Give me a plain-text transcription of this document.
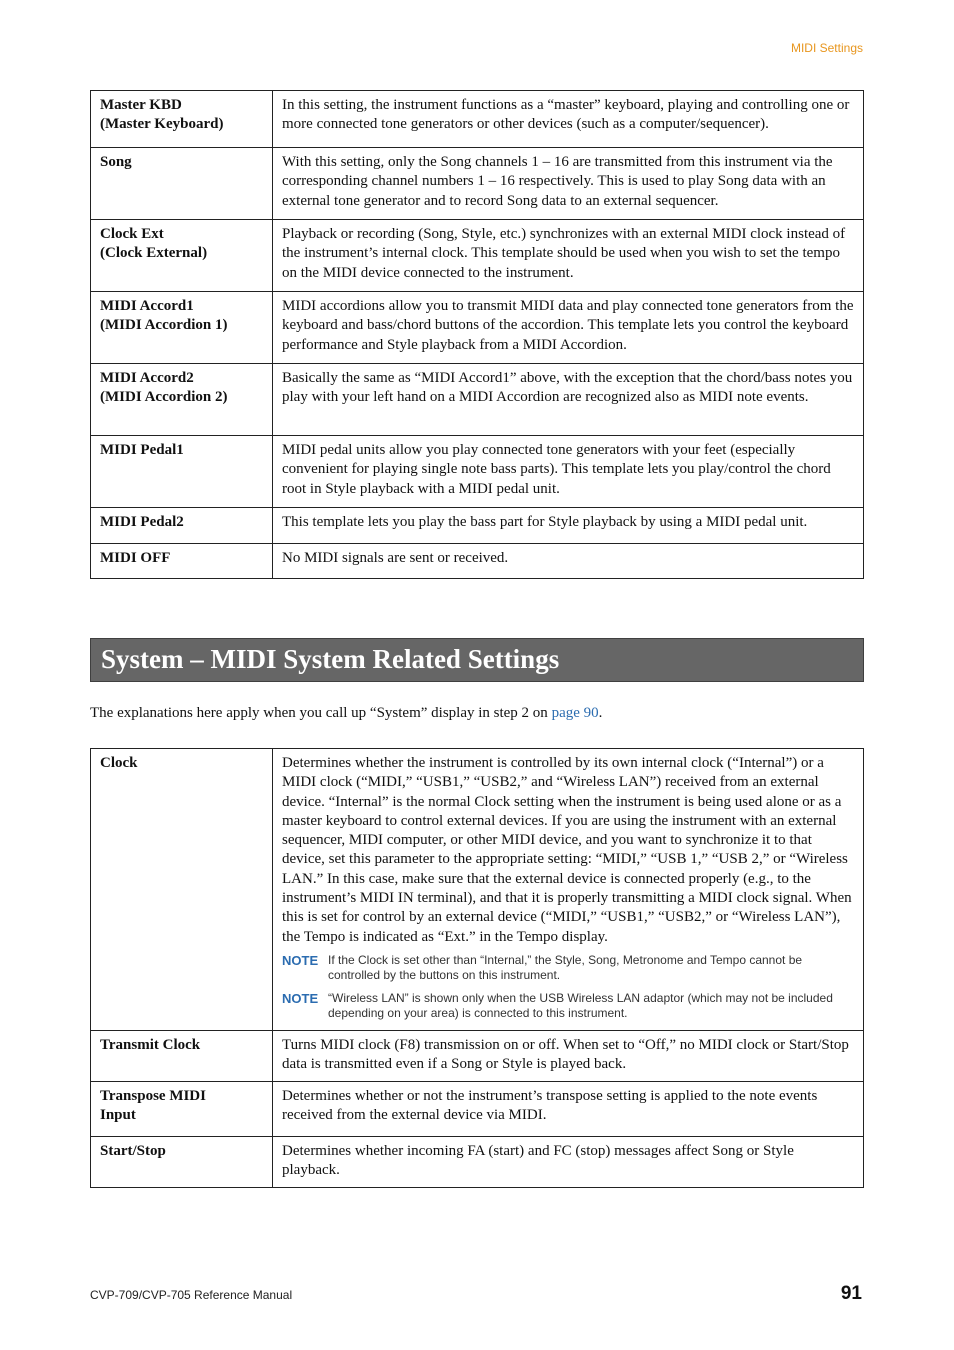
MIDI Settings
Master KBD
(Master Keyboard)	In this setting, the instrument functions as a “master” keyboard, playing and controlling one or more connected tone generators or other devices (such as a computer/sequencer).

Song	With this setting, only the Song channels 1 – 16 are transmitted from this instrument via the corresponding channel numbers 1 – 16 respectively. This is used to play Song data with an external tone generator and to record Song data to an external sequencer.

Clock Ext
(Clock External)	Playback or recording (Song, Style, etc.) synchronizes with an external MIDI clock instead of the instrument’s internal clock. This template should be used when you wish to set the tempo on the MIDI device connected to the instrument.

MIDI Accord1
(MIDI Accordion 1)	MIDI accordions allow you to transmit MIDI data and play connected tone generators from the keyboard and bass/chord buttons of the accordion. This template lets you control the keyboard performance and Style playback from a MIDI Accordion.

MIDI Accord2
(MIDI Accordion 2)	Basically the same as “MIDI Accord1” above, with the exception that the chord/bass notes you play with your left hand on a MIDI Accordion are recognized also as MIDI note events.

MIDI Pedal1	MIDI pedal units allow you play connected tone generators with your feet (especially convenient for playing single note bass parts). This template lets you play/control the chord root in Style playback with a MIDI pedal unit.

MIDI Pedal2	This template lets you play the bass part for Style playback by using a MIDI pedal unit.

MIDI OFF	No MIDI signals are sent or received.
System – MIDI System Related Settings
The explanations here apply when you call up “System” display in step 2 on page 90.
Clock	Determines whether the instrument is controlled by its own internal clock (“Internal”) or a MIDI clock (“MIDI,” “USB1,” “USB2,” and “Wireless LAN”) received from an external device. “Internal” is the normal Clock setting when the instrument is being used alone or as a master keyboard to control external devices. If you are using the instrument with an external sequencer, MIDI computer, or other MIDI device, and you want to synchronize it to that device, set this parameter to the appropriate setting: “MIDI,” “USB 1,” “USB 2,” or “Wireless LAN.” In this case, make sure that the external device is connected properly (e.g., to the instrument’s MIDI IN terminal), and that it is properly transmitting a MIDI clock signal. When this is set for control by an external device (“MIDI,” “USB1,” “USB2,” or “Wireless LAN”), the Tempo is indicated as “Ext.” in the Tempo display.
NOTE If the Clock is set other than “Internal,” the Style, Song, Metronome and Tempo cannot be controlled by the buttons on this instrument.
NOTE “Wireless LAN” is shown only when the USB Wireless LAN adaptor (which may not be included depending on your area) is connected to this instrument.

Transmit Clock	Turns MIDI clock (F8) transmission on or off. When set to “Off,” no MIDI clock or Start/Stop data is transmitted even if a Song or Style is played back.

Transpose MIDI
Input	Determines whether or not the instrument’s transpose setting is applied to the note events received from the external device via MIDI.

Start/Stop	Determines whether incoming FA (start) and FC (stop) messages affect Song or Style playback.
CVP-709/CVP-705 Reference Manual	91
